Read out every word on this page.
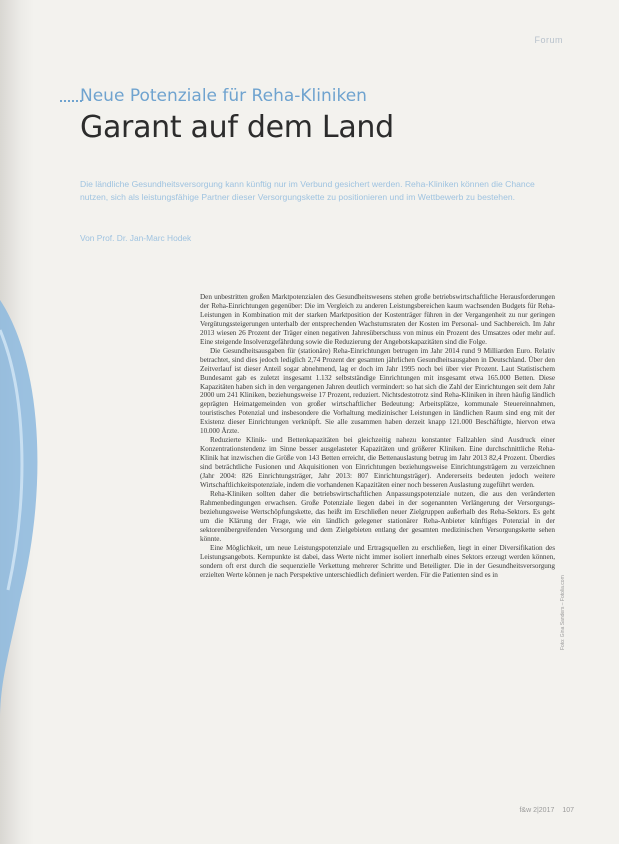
Forum
Neue Potenziale für Reha-Kliniken
Garant auf dem Land
Die ländliche Gesundheitsversorgung kann künftig nur im Verbund gesichert werden. Reha-Kliniken können die Chance nutzen, sich als leistungsfähige Partner dieser Versorgungskette zu positionieren und im Wettbewerb zu bestehen.
Von Prof. Dr. Jan-Marc Hodek

Den unbestritten großen Marktpotenzialen des Gesundheitswesens stehen große betriebswirtschaftliche Herausforderungen der Reha-Einrichtungen gegenüber: Die im Vergleich zu anderen Leistungsbereichen kaum wachsenden Budgets für Reha-Leistungen in Kombination mit der starken Marktposition der Kostenträger führen in der Vergangenheit zu nur geringen Vergütungssteigerungen unterhalb der entsprechenden Wachstumsraten der Kosten im Personal- und Sachbereich. Im Jahr 2013 wiesen 26 Prozent der Träger einen negativen Jahresüberschuss von minus ein Prozent des Umsatzes oder mehr auf. Eine steigende Insolvenzgefährdung sowie die Reduzierung der Angebotskapazitäten sind die Folge.

Die Gesundheitsausgaben für (stationäre) Reha-Einrichtungen betrugen im Jahr 2014 rund 9 Milliarden Euro. Relativ betrachtet, sind dies jedoch lediglich 2,74 Prozent der gesamten jährlichen Gesundheitsausgaben in Deutschland. Über den Zeitverlauf ist dieser Anteil sogar abnehmend, lag er doch im Jahr 1995 noch bei über vier Prozent. Laut Statistischem Bundesamt gab es zuletzt insgesamt 1.132 selbstständige Einrichtungen mit insgesamt etwa 165.000 Betten. Diese Kapazitäten haben sich in den vergangenen Jahren deutlich vermindert: so hat sich die Zahl der Einrichtungen seit dem Jahr 2000 um 241 Kliniken, beziehungsweise 17 Prozent, reduziert. Nichtsdestotrotz sind Reha-Kliniken in ihren häufig ländlich geprägten Heimatgemeinden von großer wirtschaftlicher Bedeutung: Arbeitsplätze, kommunale Steuereinnahmen, touristisches Potenzial und insbesondere die Vorhaltung medizinischer Leistungen in ländlichen Raum sind eng mit der Existenz dieser Einrichtungen verknüpft. Sie alle zusammen haben derzeit knapp 121.000 Beschäftigte, hiervon etwa 10.000 Ärzte.

Reduzierte Klinik- und Bettenkapazitäten bei gleichzeitig nahezu konstanter Fallzahlen sind Ausdruck einer Konzentrationstendenz im Sinne besser ausgelasteter Kapazitäten und größerer Kliniken. Eine durchschnittliche Reha-Klinik hat inzwischen die Größe von 143 Betten erreicht, die Bettenauslastung betrug im Jahr 2013 82,4 Prozent. Überdies sind beträchtliche Fusionen und Akquisitionen von Einrichtungen beziehungsweise Einrichtungsträgern zu verzeichnen (Jahr 2004: 826 Einrichtungsträger, Jahr 2013: 807 Einrichtungsträger). Andererseits bedeuten jedoch weitere Wirtschaftlichkeitspotenziale, indem die vorhandenen Kapazitäten einer noch besseren Auslastung zugeführt werden.

Reha-Kliniken sollten daher die betriebswirtschaftlichen Anpassungspotenziale nutzen, die aus den veränderten Rahmenbedingungen erwachsen. Große Potenziale liegen dabei in der sogenannten Verlängerung der Versorgungs- beziehungsweise Wertschöpfungskette, das heißt im Erschließen neuer Zielgruppen außerhalb des Reha-Sektors. Es geht um die Klärung der Frage, wie ein ländlich gelegener stationärer Reha-Anbieter künftiges Potenzial in der sektorenübergreifenden Versorgung und dem Zielgebieten entlang der gesamten medizinischen Versorgungskette sehen könnte.

Eine Möglichkeit, um neue Leistungspotenziale und Ertragsquellen zu erschließen, liegt in einer Diversifikation des Leistungsangebots. Kernpunkte ist dabei, dass Werte nicht immer isoliert innerhalb eines Sektors erzeugt werden können, sondern oft erst durch die sequenzielle Verkettung mehrerer Schritte und Beteiligter. Die in der Gesundheitsversorgung erzielten Werte können je nach Perspektive unterschiedlich definiert werden. Für die Patienten sind es in

Foto: Gina Sanders – Fotolia.com
f&w 2|2017 107
